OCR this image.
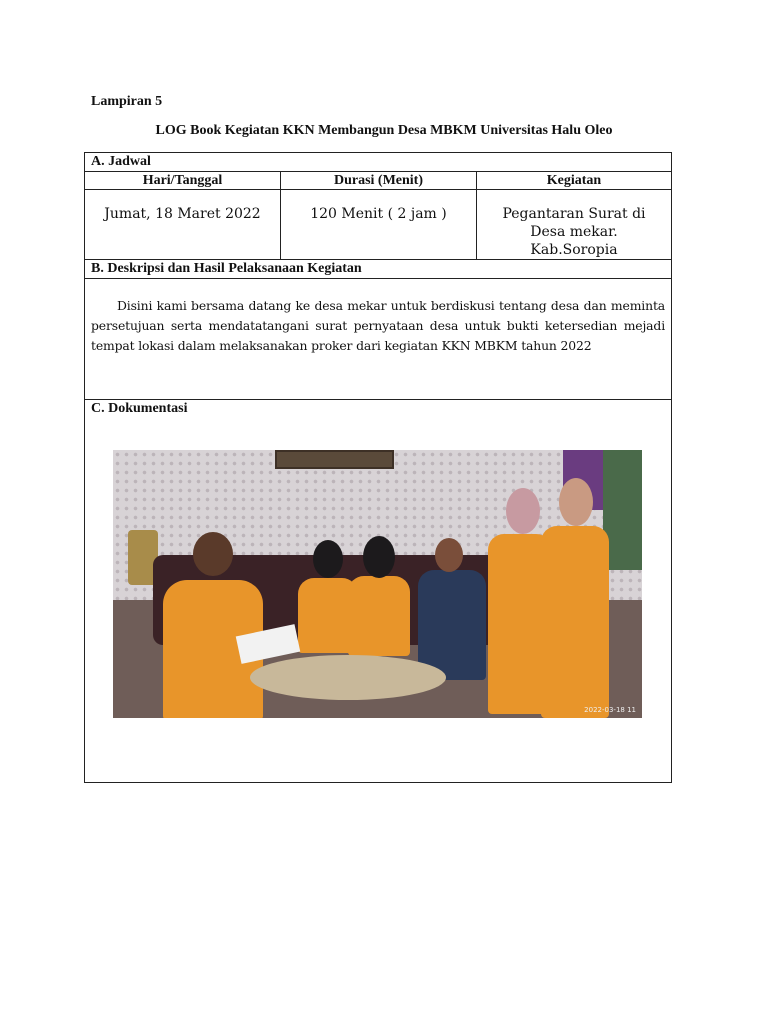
Lampiran 5
LOG Book Kegiatan KKN Membangun Desa MBKM Universitas Halu Oleo
A. Jadwal		
Hari/Tanggal	Durasi (Menit)	Kegiatan

Jumat, 18 Maret 2022	120 Menit ( 2 jam )	Pegantaran Surat di Desa mekar. Kab.Soropia

B. Deskripsi dan Hasil Pelaksanaan Kegiatan		

Disini kami bersama datang ke desa mekar untuk berdiskusi tentang desa dan meminta persetujuan serta mendatatangani surat pernyataan desa untuk bukti ketersedian mejadi tempat lokasi dalam melaksanakan proker dari kegiatan KKN MBKM tahun 2022		

C. Dokumentasi
2022-03-18 11		
